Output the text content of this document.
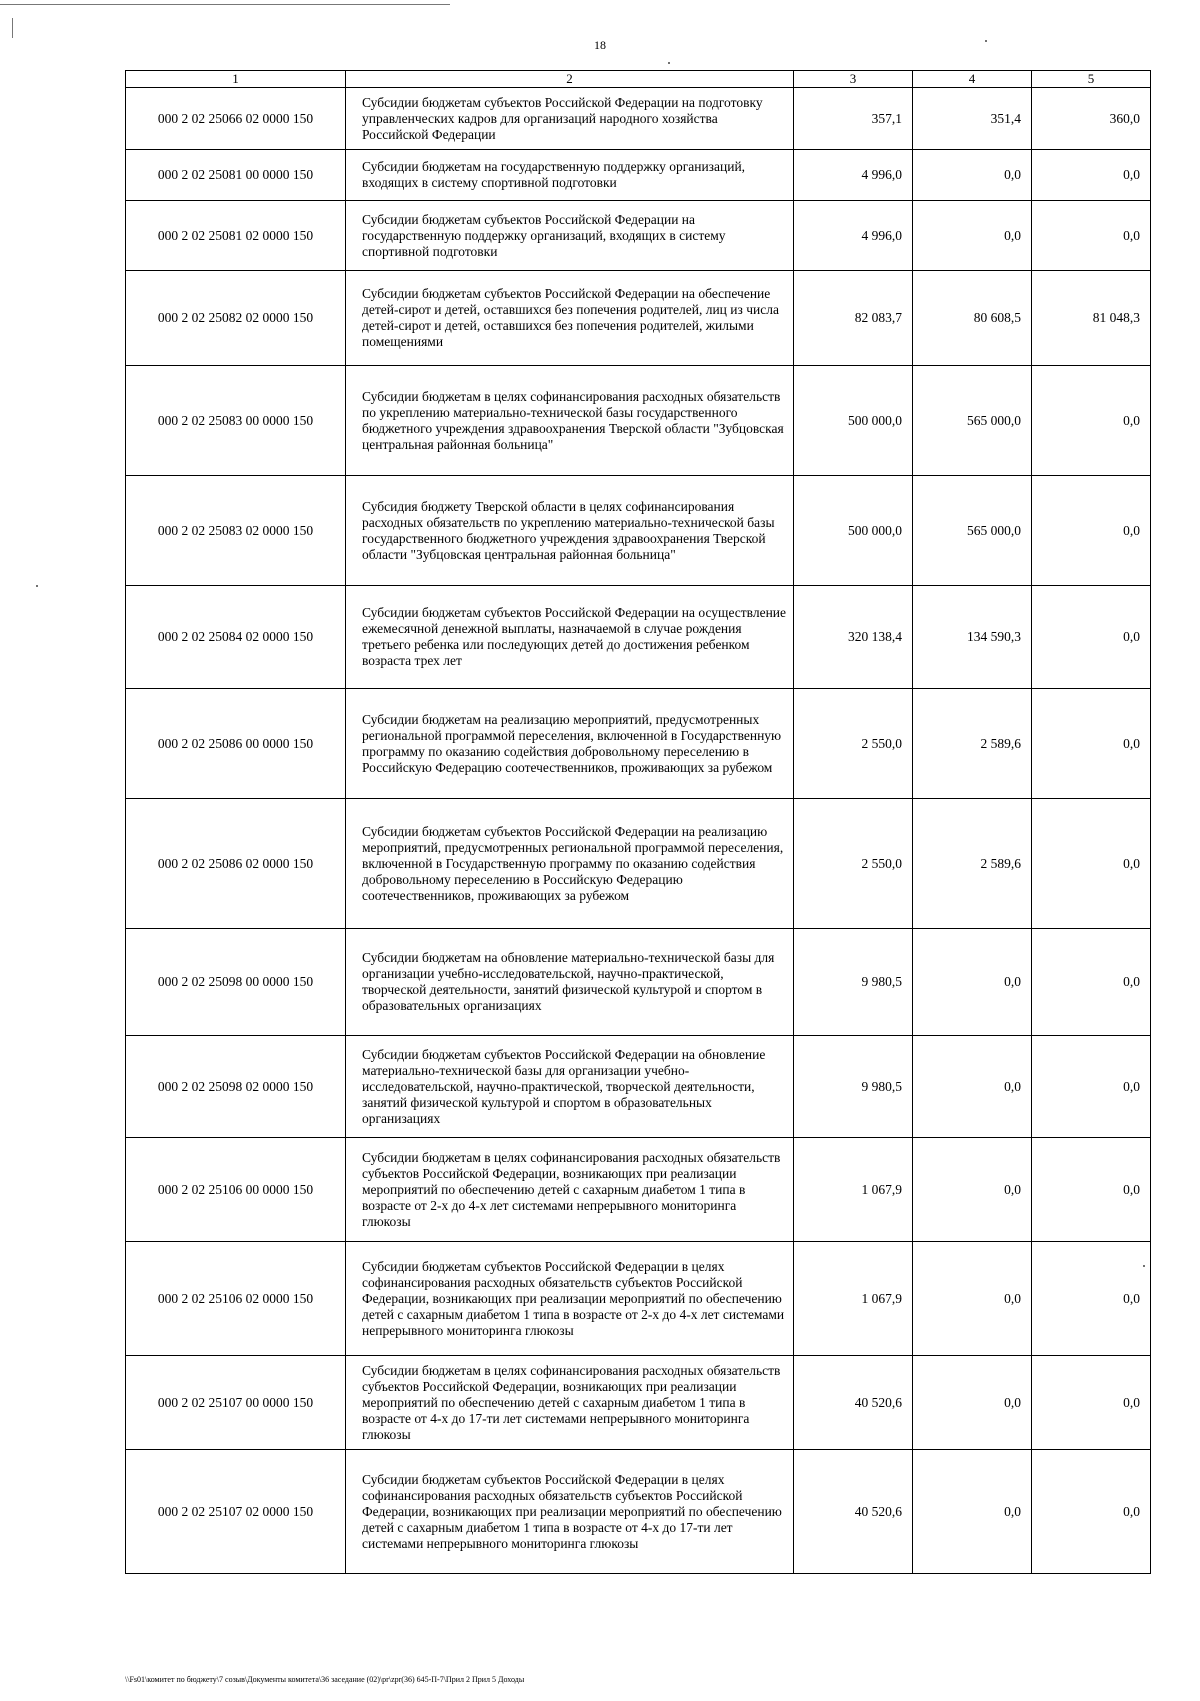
18
1	2	3	4	5
000 2 02 25066 02 0000 150	Субсидии бюджетам субъектов Российской Федерации на подготовку управленческих кадров для организаций народного хозяйства Российской Федерации	357,1	351,4	360,0
000 2 02 25081 00 0000 150	Субсидии бюджетам на государственную поддержку организаций, входящих в систему спортивной подготовки	4 996,0	0,0	0,0
000 2 02 25081 02 0000 150	Субсидии бюджетам субъектов Российской Федерации на государственную поддержку организаций, входящих в систему спортивной подготовки	4 996,0	0,0	0,0
000 2 02 25082 02 0000 150	Субсидии бюджетам субъектов Российской Федерации на обеспечение детей-сирот и детей, оставшихся без попечения родителей, лиц из числа детей-сирот и детей, оставшихся без попечения родителей, жилыми помещениями	82 083,7	80 608,5	81 048,3
000 2 02 25083 00 0000 150	Субсидии бюджетам в целях софинансирования расходных обязательств по укреплению материально-технической базы государственного бюджетного учреждения здравоохранения Тверской области "Зубцовская центральная районная больница"	500 000,0	565 000,0	0,0
000 2 02 25083 02 0000 150	Субсидия бюджету Тверской области в целях софинансирования расходных обязательств по укреплению материально-технической базы государственного бюджетного учреждения здравоохранения Тверской области "Зубцовская центральная районная больница"	500 000,0	565 000,0	0,0
000 2 02 25084 02 0000 150	Субсидии бюджетам субъектов Российской Федерации на осуществление ежемесячной денежной выплаты, назначаемой в случае рождения третьего ребенка или последующих детей до достижения ребенком возраста трех лет	320 138,4	134 590,3	0,0
000 2 02 25086 00 0000 150	Субсидии бюджетам на реализацию мероприятий, предусмотренных региональной программой переселения, включенной в Государственную программу по оказанию содействия добровольному переселению в Российскую Федерацию соотечественников, проживающих за рубежом	2 550,0	2 589,6	0,0
000 2 02 25086 02 0000 150	Субсидии бюджетам субъектов Российской Федерации на реализацию мероприятий, предусмотренных региональной программой переселения, включенной в Государственную программу по оказанию содействия добровольному переселению в Российскую Федерацию соотечественников, проживающих за рубежом	2 550,0	2 589,6	0,0
000 2 02 25098 00 0000 150	Субсидии бюджетам на обновление материально-технической базы для организации учебно-исследовательской, научно-практической, творческой деятельности, занятий физической культурой и спортом в образовательных организациях	9 980,5	0,0	0,0
000 2 02 25098 02 0000 150	Субсидии бюджетам субъектов Российской Федерации на обновление материально-технической базы для организации учебно-исследовательской, научно-практической, творческой деятельности, занятий физической культурой и спортом в образовательных организациях	9 980,5	0,0	0,0
000 2 02 25106 00 0000 150	Субсидии бюджетам в целях софинансирования расходных обязательств субъектов Российской Федерации, возникающих при реализации мероприятий по обеспечению детей с сахарным диабетом 1 типа в возрасте от 2-х до 4-х лет системами непрерывного мониторинга глюкозы	1 067,9	0,0	0,0
000 2 02 25106 02 0000 150	Субсидии бюджетам субъектов Российской Федерации в целях софинансирования расходных обязательств субъектов Российской Федерации, возникающих при реализации мероприятий по обеспечению детей с сахарным диабетом 1 типа в возрасте от 2-х до 4-х лет системами непрерывного мониторинга глюкозы	1 067,9	0,0	0,0
000 2 02 25107 00 0000 150	Субсидии бюджетам в целях софинансирования расходных обязательств субъектов Российской Федерации, возникающих при реализации мероприятий по обеспечению детей с сахарным диабетом 1 типа в возрасте от 4-х до 17-ти лет системами непрерывного мониторинга глюкозы	40 520,6	0,0	0,0
000 2 02 25107 02 0000 150	Субсидии бюджетам субъектов Российской Федерации в целях софинансирования расходных обязательств субъектов Российской Федерации, возникающих при реализации мероприятий по обеспечению детей с сахарным диабетом 1 типа в возрасте от 4-х до 17-ти лет системами непрерывного мониторинга глюкозы	40 520,6	0,0	0,0
\\Fs01\комитет по бюджету\7 созыв\Документы комитета\36 заседание (02)\pr\zpr(36) 645-П-7\Прил 2 Прил 5 Доходы
